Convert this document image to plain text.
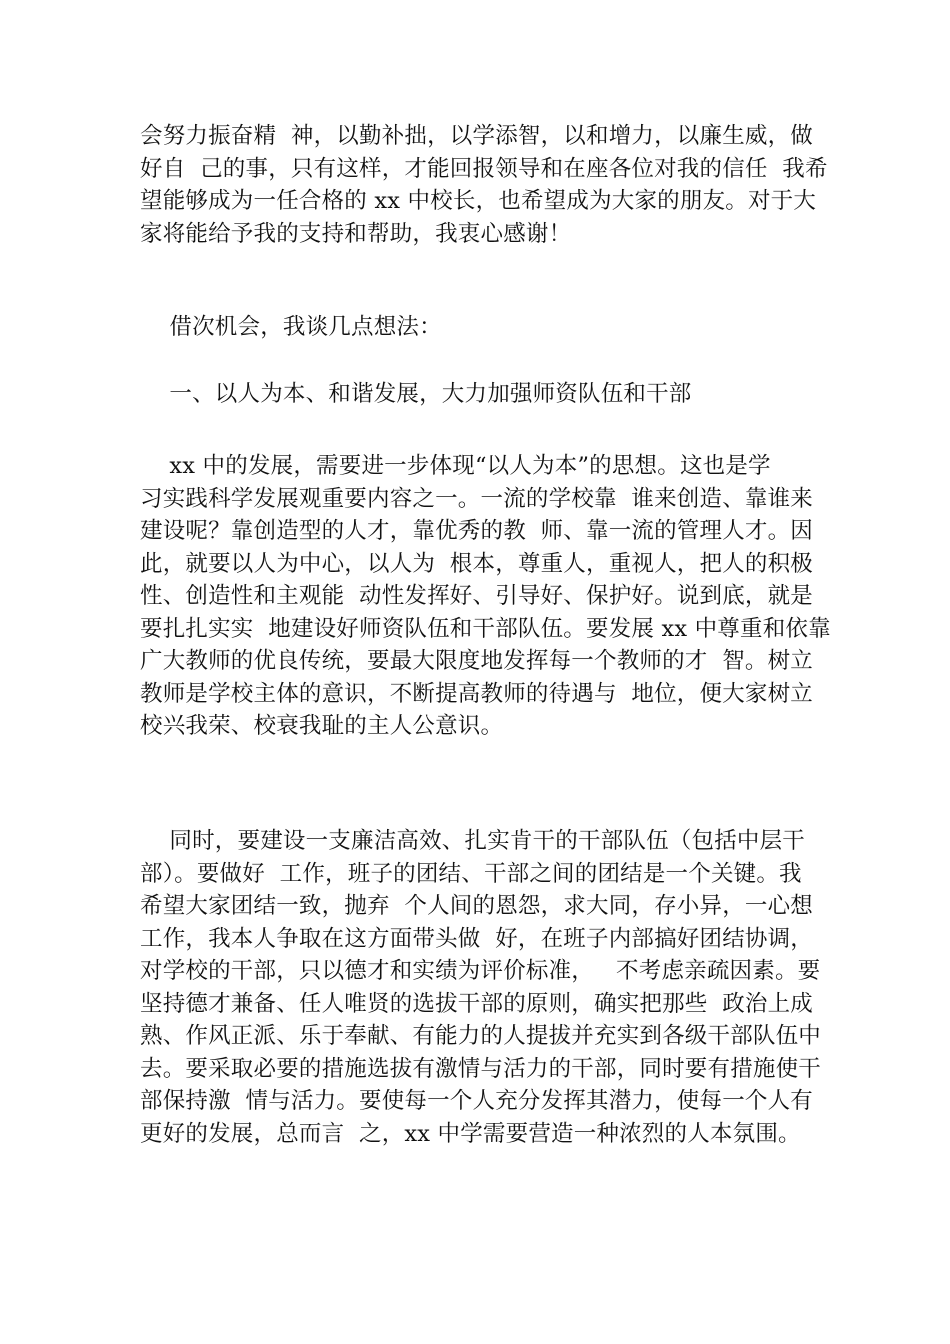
会努力振奋精  神，以勤补拙，以学添智，以和增力，以廉生威，做
好自  己的事，只有这样，才能回报领导和在座各位对我的信任  我希
望能够成为一任合格的 xx 中校长，也希望成为大家的朋友。对于大
家将能给予我的支持和帮助，我衷心感谢！
借次机会，我谈几点想法：
一、以人为本、和谐发展，大力加强师资队伍和干部
xx 中的发展，需要进一步体现“以人为本”的思想。这也是学
习实践科学发展观重要内容之一。一流的学校靠  谁来创造、靠谁来
建设呢？靠创造型的人才，靠优秀的教  师、靠一流的管理人才。因
此，就要以人为中心，以人为  根本，尊重人，重视人，把人的积极
性、创造性和主观能  动性发挥好、引导好、保护好。说到底，就是
要扎扎实实  地建设好师资队伍和干部队伍。要发展 xx 中尊重和依靠
广大教师的优良传统，要最大限度地发挥每一个教师的才  智。树立
教师是学校主体的意识，不断提高教师的待遇与  地位，便大家树立
校兴我荣、校衰我耻的主人公意识。
同时，要建设一支廉洁高效、扎实肯干的干部队伍（包括中层干
部）。要做好  工作，班子的团结、干部之间的团结是一个关键。我
希望大家团结一致，抛弃  个人间的恩怨，求大同，存小异，一心想
工作，我本人争取在这方面带头做  好，在班子内部搞好团结协调，
对学校的干部，只以德才和实绩为评价标准，   不考虑亲疏因素。要
坚持德才兼备、任人唯贤的选拔干部的原则，确实把那些  政治上成
熟、作风正派、乐于奉献、有能力的人提拔并充实到各级干部队伍中
去。要采取必要的措施选拔有激情与活力的干部，同时要有措施使干
部保持激  情与活力。要使每一个人充分发挥其潜力，使每一个人有
更好的发展，总而言  之，xx 中学需要营造一种浓烈的人本氛围。
